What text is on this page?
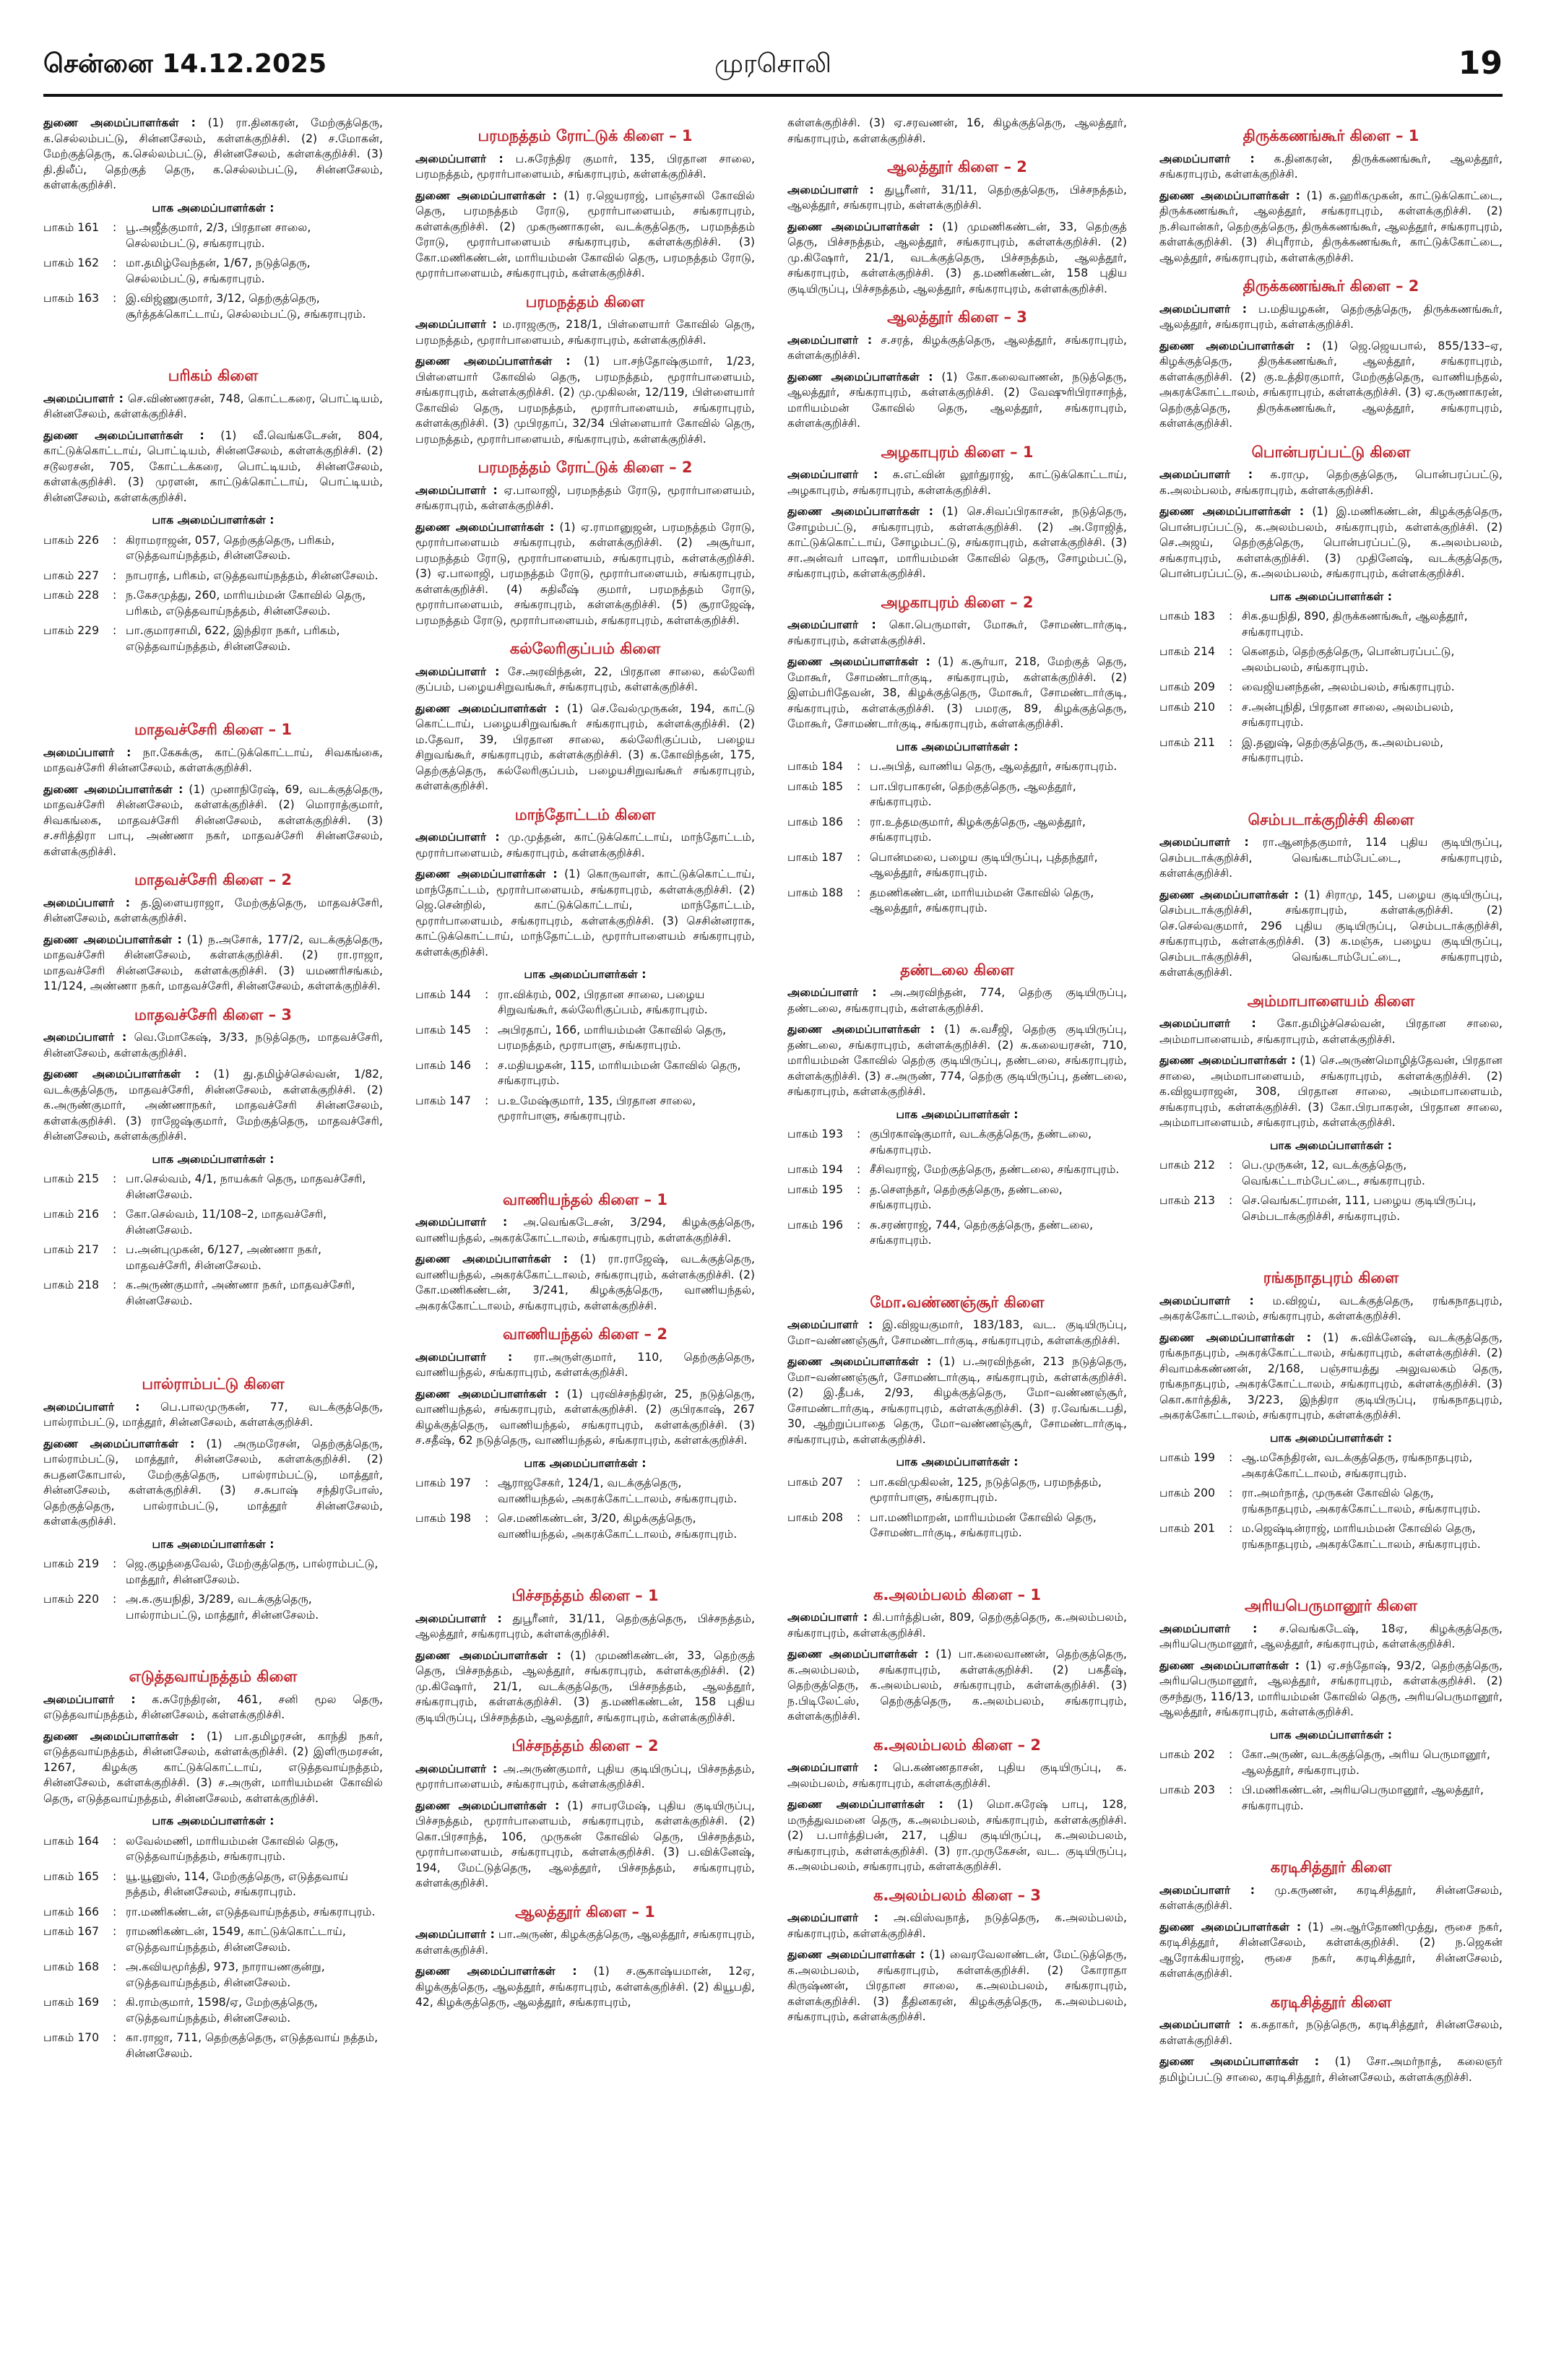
சென்னை 14.12.2025	முரசொலி	19

துணை அமைப்பாளர்கள் : (1) ரா.தினகரன், மேற்குத்தெரு, க.செல்லம்பட்டு, சின்னசேலம், கள்ளக்குறிச்சி. (2) ச.மோகன், மேற்குத்தெரு, க.செல்லம்பட்டு, சின்னசேலம், கள்ளக்குறிச்சி. (3) தி.திலீப், தெற்குத் தெரு, க.செல்லம்பட்டு, சின்னசேலம், கள்ளக்குறிச்சி.

பாக அமைப்பாளர்கள் :
பாகம் 161	: பூ.அஜீத்குமார், 2/3, பிரதான சாலை, செல்லம்பட்டு, சங்கராபுரம்.
பாகம் 162	: மா.தமிழ்வேந்தன், 1/67, நடுத்தெரு, செல்லம்பட்டு, சங்கராபுரம்.
பாகம் 163	: இ.விஜ்ணுகுமார், 3/12, தெற்குத்தெரு, சூர்த்தக்கொட்டாய், செல்லம்பட்டு, சங்கராபுரம்.
பரிகம் கிளை

அமைப்பாளர் : செ.விண்ணரசன், 748, கொட்டகரை, பொட்டியம், சின்னசேலம், கள்ளக்குறிச்சி.

துணை அமைப்பாளர்கள் : (1) வீ.வெங்கடேசன், 804, காட்டுக்கொட்டாய், பொட்டியம், சின்னசேலம், கள்ளக்குறிச்சி. (2) சடூலரசன், 705, கோட்டக்கரை, பொட்டியம், சின்னசேலம், கள்ளக்குறிச்சி. (3) முரளன், காட்டுக்கொட்டாய், பொட்டியம், சின்னசேலம், கள்ளக்குறிச்சி.

பாக அமைப்பாளர்கள் :
பாகம் 226	: கிராமராஜன், 057, தெற்குத்தெரு, பரிகம், எடுத்தவாய்நத்தம், சின்னசேலம்.
பாகம் 227	: நாபராத், பரிகம், எடுத்தவாய்நத்தம், சின்னசேலம்.
பாகம் 228	: ந.கேசமுத்து, 260, மாரியம்மன் கோவில் தெரு, பரிகம், எடுத்தவாய்நத்தம், சின்னசேலம்.
பாகம் 229	: பா.குமாரசாமி, 622, இந்திரா நகர், பரிகம், எடுத்தவாய்நத்தம், சின்னசேலம்.
மாதவச்சேரி கிளை – 1

அமைப்பாளர் : நா.கேசுக்கு, காட்டுக்கொட்டாய், சிவகங்கை, மாதவச்சேரி சின்னசேலம், கள்ளக்குறிச்சி.

துணை அமைப்பாளர்கள் : (1) முனாநிரேஷ், 69, வடக்குத்தெரு, மாதவச்சேரி சின்னசேலம், கள்ளக்குறிச்சி. (2) மொராத்குமார், சிவகங்கை, மாதவச்சேரி சின்னசேலம், கள்ளக்குறிச்சி. (3) ச.சரித்திரா பாபு, அண்ணா நகர், மாதவச்சேரி சின்னசேலம், கள்ளக்குறிச்சி.

மாதவச்சேரி கிளை – 2

அமைப்பாளர் : த.இளையராஜா, மேற்குத்தெரு, மாதவச்சேரி, சின்னசேலம், கள்ளக்குறிச்சி.

துணை அமைப்பாளர்கள் : (1) ந.அசோக், 177/2, வடக்குத்தெரு, மாதவச்சேரி சின்னசேலம், கள்ளக்குறிச்சி. (2) ரா.ராஜா, மாதவச்சேரி சின்னசேலம், கள்ளக்குறிச்சி. (3) யமணரிசங்கம், 11/124, அண்ணா நகர், மாதவச்சேரி, சின்னசேலம், கள்ளக்குறிச்சி.

மாதவச்சேரி கிளை – 3

அமைப்பாளர் : வெ.மோகேஷ், 3/33, நடுத்தெரு, மாதவச்சேரி, சின்னசேலம், கள்ளக்குறிச்சி.

துணை அமைப்பாளர்கள் : (1) து.தமிழ்ச்செல்வன், 1/82, வடக்குத்தெரு, மாதவச்சேரி, சின்னசேலம், கள்ளக்குறிச்சி. (2) க.அருண்குமார், அண்ணாநகர், மாதவச்சேரி சின்னசேலம், கள்ளக்குறிச்சி. (3) ராஜேஷ்குமார், மேற்குத்தெரு, மாதவச்சேரி, சின்னசேலம், கள்ளக்குறிச்சி.

பாக அமைப்பாளர்கள் :
பாகம் 215	: பா.செல்வம், 4/1, நாயக்கர் தெரு, மாதவச்சேரி, சின்னசேலம்.
பாகம் 216	: கோ.செல்வம், 11/108–2, மாதவச்சேரி, சின்னசேலம்.
பாகம் 217	: ப.அன்புமுகன், 6/127, அண்ணா நகர், மாதவச்சேரி, சின்னசேலம்.
பாகம் 218	: க.அருண்குமார், அண்ணா நகர், மாதவச்சேரி, சின்னசேலம்.
பால்ராம்பட்டு கிளை

அமைப்பாளர் : பெ.பாலமுருகன், 77, வடக்குத்தெரு, பால்ராம்பட்டு, மாத்தூர், சின்னசேலம், கள்ளக்குறிச்சி.

துணை அமைப்பாளர்கள் : (1) அருமரேசன், தெற்குத்தெரு, பால்ராம்பட்டு, மாத்தூர், சின்னசேலம், கள்ளக்குறிச்சி. (2) சுபதனகோபால், மேற்குத்தெரு, பால்ராம்பட்டு, மாத்தூர், சின்னசேலம், கள்ளக்குறிச்சி. (3) ச.சுபாஷ் சந்திரபோஸ், தெற்குத்தெரு, பால்ராம்பட்டு, மாத்தூர் சின்னசேலம், கள்ளக்குறிச்சி.

பாக அமைப்பாளர்கள் :
பாகம் 219	: ஜெ.குழந்தைவேல், மேற்குத்தெரு, பால்ராம்பட்டு, மாத்தூர், சின்னசேலம்.
பாகம் 220	: அ.க.குயநிதி, 3/289, வடக்குத்தெரு, பால்ராம்பட்டு, மாத்தூர், சின்னசேலம்.
எடுத்தவாய்நத்தம் கிளை

அமைப்பாளர் : க.சுரேந்திரன், 461, சனி மூல தெரு, எடுத்தவாய்நத்தம், சின்னசேலம், கள்ளக்குறிச்சி.

துணை அமைப்பாளர்கள் : (1) பா.தமிழரசன், காந்தி நகர், எடுத்தவாய்நத்தம், சின்னசேலம், கள்ளக்குறிச்சி. (2) இளிருமரசன், 1267, கிழக்கு காட்டுக்கொட்டாய், எடுத்தவாய்நத்தம், சின்னசேலம், கள்ளக்குறிச்சி. (3) ச.அருள், மாரியம்மன் கோவில் தெரு, எடுத்தவாய்நத்தம், சின்னசேலம், கள்ளக்குறிச்சி.

பாக அமைப்பாளர்கள் :
பாகம் 164	: லவேல்மணி, மாரியம்மன் கோவில் தெரு, எடுத்தவாய்நத்தம், சங்கராபுரம்.
பாகம் 165	: யூ.யூனுஸ், 114, மேற்குத்தெரு, எடுத்தவாய் நத்தம், சின்னசேலம், சங்கராபுரம்.
பாகம் 166	: ரா.மணிகண்டன், எடுத்தவாய்நத்தம், சங்கராபுரம்.
பாகம் 167	: ராமணிகண்டன், 1549, காட்டுக்கொட்டாய், எடுத்தவாய்நத்தம், சின்னசேலம்.
பாகம் 168	: அ.கவியமூர்த்தி, 973, நாராயணகுன்று, எடுத்தவாய்நத்தம், சின்னசேலம்.
பாகம் 169	: கி.ராம்குமார், 1598/ஏ, மேற்குத்தெரு, எடுத்தவாய்நத்தம், சின்னசேலம்.
பாகம் 170	: கா.ராஜா, 711, தெற்குத்தெரு, எடுத்தவாய் நத்தம், சின்னசேலம்.
பரமநத்தம் ரோட்டுக் கிளை – 1

அமைப்பாளர் : ப.சுரேந்திர குமார், 135, பிரதான சாலை, பரமநத்தம், மூரார்பாளையம், சங்கராபுரம், கள்ளக்குறிச்சி.

துணை அமைப்பாளர்கள் : (1) ர.ஜெயராஜ், பாஞ்சாலி கோவில் தெரு, பரமநத்தம் ரோடு, மூரார்பாளையம், சங்கராபுரம், கள்ளக்குறிச்சி. (2) முகருணாகரன், வடக்குத்தெரு, பரமநத்தம் ரோடு, மூரார்பாளையம் சங்கராபுரம், கள்ளக்குறிச்சி. (3) கோ.மணிகண்டன், மாரியம்மன் கோவில் தெரு, பரமநத்தம் ரோடு, மூரார்பாளையம், சங்கராபுரம், கள்ளக்குறிச்சி.

பரமநத்தம் கிளை

அமைப்பாளர் : ம.ராஜகுரு, 218/1, பிள்ளையார் கோவில் தெரு, பரமநத்தம், மூரார்பாளையம், சங்கராபுரம், கள்ளக்குறிச்சி.

துணை அமைப்பாளர்கள் : (1) பா.சந்தோஷ்குமார், 1/23, பிள்ளையார் கோவில் தெரு, பரமநத்தம், மூரார்பாளையம், சங்கராபுரம், கள்ளக்குறிச்சி. (2) மு.முகிலன், 12/119, பிள்ளையார் கோவில் தெரு, பரமநத்தம், மூரார்பாளையம், சங்கராபுரம், கள்ளக்குறிச்சி. (3) முபிரதாப், 32/34 பிள்ளையார் கோவில் தெரு, பரமநத்தம், மூரார்பாளையம், சங்கராபுரம், கள்ளக்குறிச்சி.

பரமநத்தம் ரோட்டுக் கிளை – 2

அமைப்பாளர் : ஏ.பாலாஜி, பரமநத்தம் ரோடு, மூரார்பாளையம், சங்கராபுரம், கள்ளக்குறிச்சி.

துணை அமைப்பாளர்கள் : (1) ஏ.ராமானுஜன், பரமநத்தம் ரோடு, மூரார்பாளையம் சங்கராபுரம், கள்ளக்குறிச்சி. (2) அசூர்யா, பரமநத்தம் ரோடு, மூரார்பாளையம், சங்கராபுரம், கள்ளக்குறிச்சி. (3) ஏ.பாலாஜி, பரமநத்தம் ரோடு, மூரார்பாளையம், சங்கராபுரம், கள்ளக்குறிச்சி. (4) சுதிலீஷ் குமார், பரமநத்தம் ரோடு, மூரார்பாளையம், சங்கராபுரம், கள்ளக்குறிச்சி. (5) சூராஜேஷ், பரமநத்தம் ரோடு, மூரார்பாளையம், சங்கராபுரம், கள்ளக்குறிச்சி.

கல்லேரிகுப்பம் கிளை

அமைப்பாளர் : சே.அரவிந்தன், 22, பிரதான சாலை, கல்லேரி குப்பம், பழையசிறுவங்கூர், சங்கராபுரம், கள்ளக்குறிச்சி.

துணை அமைப்பாளர்கள் : (1) செ.வேல்முருகன், 194, காட்டு கொட்டாய், பழையசிறுவங்கூர் சங்கராபுரம், கள்ளக்குறிச்சி. (2) ம.தேவா, 39, பிரதான சாலை, கல்லேரிகுப்பம், பழைய சிறுவங்கூர், சங்கராபுரம், கள்ளக்குறிச்சி. (3) க.கோவிந்தன், 175, தெற்குத்தெரு, கல்லேரிகுப்பம், பழையசிறுவங்கூர் சங்கராபுரம், கள்ளக்குறிச்சி.

மாந்தோட்டம் கிளை

அமைப்பாளர் : மு.முத்தன், காட்டுக்கொட்டாய், மாந்தோட்டம், மூரார்பாளையம், சங்கராபுரம், கள்ளக்குறிச்சி.

துணை அமைப்பாளர்கள் : (1) கொருவாள், காட்டுக்கொட்டாய், மாந்தோட்டம், மூரார்பாளையம், சங்கராபுரம், கள்ளக்குறிச்சி. (2) ஜெ.சென்றில், காட்டுக்கொட்டாய், மாந்தோட்டம், மூரார்பாளையம், சங்கராபுரம், கள்ளக்குறிச்சி. (3) செசின்னராசு, காட்டுக்கொட்டாய், மாந்தோட்டம், மூரார்பாளையம் சங்கராபுரம், கள்ளக்குறிச்சி.

பாக அமைப்பாளர்கள் :
பாகம் 144	: ரா.விக்ரம், 002, பிரதான சாலை, பழைய சிறுவங்கூர், கல்லேரிகுப்பம், சங்கராபுரம்.
பாகம் 145	: அபிரதாப், 166, மாரியம்மன் கோவில் தெரு, பரமநத்தம், மூராபாளு, சங்கராபுரம்.
பாகம் 146	: ச.மதியழகன், 115, மாரியம்மன் கோவில் தெரு, சங்கராபுரம்.
பாகம் 147	: ப.உமேஷ்குமார், 135, பிரதான சாலை, மூரார்பாளு, சங்கராபுரம்.
வாணியந்தல் கிளை – 1

அமைப்பாளர் : அ.வெங்கடேசன், 3/294, கிழக்குத்தெரு, வாணியந்தல், அகரக்கோட்டாலம், சங்கராபுரம், கள்ளக்குறிச்சி.

துணை அமைப்பாளர்கள் : (1) ரா.ராஜேஷ், வடக்குத்தெரு, வாணியந்தல், அகரக்கோட்டாலம், சங்கராபுரம், கள்ளக்குறிச்சி. (2) கோ.மணிகண்டன், 3/241, கிழக்குத்தெரு, வாணியந்தல், அகரக்கோட்டாலம், சங்கராபுரம், கள்ளக்குறிச்சி.

வாணியந்தல் கிளை – 2

அமைப்பாளர் : ரா.அருள்குமார், 110, தெற்குத்தெரு, வாணியந்தல், சங்கராபுரம், கள்ளக்குறிச்சி.

துணை அமைப்பாளர்கள் : (1) புரவிச்சந்திரன், 25, நடுத்தெரு, வாணியந்தல், சங்கராபுரம், கள்ளக்குறிச்சி. (2) குபிரகாஷ், 267 கிழக்குத்தெரு, வாணியந்தல், சங்கராபுரம், கள்ளக்குறிச்சி. (3) ச.சதீஷ், 62 நடுத்தெரு, வாணியந்தல், சங்கராபுரம், கள்ளக்குறிச்சி.

பாக அமைப்பாளர்கள் :
பாகம் 197	: ஆராஜசேகர், 124/1, வடக்குத்தெரு, வாணியந்தல், அகரக்கோட்டாலம், சங்கராபுரம்.
பாகம் 198	: செ.மணிகண்டன், 3/20, கிழக்குத்தெரு, வாணியந்தல், அகரக்கோட்டாலம், சங்கராபுரம்.
பிச்சநத்தம் கிளை – 1

அமைப்பாளர் : துபூரீனர், 31/11, தெற்குத்தெரு, பிச்சநத்தம், ஆலத்தூர், சங்கராபுரம், கள்ளக்குறிச்சி.

துணை அமைப்பாளர்கள் : (1) முமணிகண்டன், 33, தெற்குத் தெரு, பிச்சநத்தம், ஆலத்தூர், சங்கராபுரம், கள்ளக்குறிச்சி. (2) மு.கிஷோர், 21/1, வடக்குத்தெரு, பிச்சநத்தம், ஆலத்தூர், சங்கராபுரம், கள்ளக்குறிச்சி. (3) த.மணிகண்டன், 158 புதிய குடியிருப்பு, பிச்சநத்தம், ஆலத்தூர், சங்கராபுரம், கள்ளக்குறிச்சி.

பிச்சநத்தம் கிளை – 2

அமைப்பாளர் : அ.அருண்குமார், புதிய குடியிருப்பு, பிச்சநத்தம், மூரார்பாளையம், சங்கராபுரம், கள்ளக்குறிச்சி.

துணை அமைப்பாளர்கள் : (1) சாபரமேஷ், புதிய குடியிருப்பு, பிச்சநத்தம், மூரார்பாளையம், சங்கராபுரம், கள்ளக்குறிச்சி. (2) கொ.பிரசாந்த், 106, முருகன் கோவில் தெரு, பிச்சநத்தம், மூரார்பாளையம், சங்கராபுரம், கள்ளக்குறிச்சி. (3) ப.விக்னேஷ், 194, மேட்டுத்தெரு, ஆலத்தூர், பிச்சநத்தம், சங்கராபுரம், கள்ளக்குறிச்சி.

ஆலத்தூர் கிளை – 1

அமைப்பாளர் : பா.அருண், கிழக்குத்தெரு, ஆலத்தூர், சங்கராபுரம், கள்ளக்குறிச்சி.

துணை அமைப்பாளர்கள் : (1) ச.சூகாஷ்யமான், 12ஏ, கிழக்குத்தெரு, ஆலத்தூர், சங்கராபுரம், கள்ளக்குறிச்சி. (2) கியூபதி, 42, கிழக்குத்தெரு, ஆலத்தூர், சங்கராபுரம்,

கள்ளக்குறிச்சி. (3) ஏ.சரவணன், 16, கிழக்குத்தெரு, ஆலத்தூர், சங்கராபுரம், கள்ளக்குறிச்சி.

ஆலத்தூர் கிளை – 2

அமைப்பாளர் : துபூரீனர், 31/11, தெற்குத்தெரு, பிச்சநத்தம், ஆலத்தூர், சங்கராபுரம், கள்ளக்குறிச்சி.

துணை அமைப்பாளர்கள் : (1) முமணிகண்டன், 33, தெற்குத் தெரு, பிச்சநத்தம், ஆலத்தூர், சங்கராபுரம், கள்ளக்குறிச்சி. (2) மு.கிஷோர், 21/1, வடக்குத்தெரு, பிச்சநத்தம், ஆலத்தூர், சங்கராபுரம், கள்ளக்குறிச்சி. (3) த.மணிகண்டன், 158 புதிய குடியிருப்பு, பிச்சநத்தம், ஆலத்தூர், சங்கராபுரம், கள்ளக்குறிச்சி.

ஆலத்தூர் கிளை – 3

அமைப்பாளர் : ச.சரத், கிழக்குத்தெரு, ஆலத்தூர், சங்கராபுரம், கள்ளக்குறிச்சி.

துணை அமைப்பாளர்கள் : (1) கோ.கலைவாணன், நடுத்தெரு, ஆலத்தூர், சங்கராபுரம், கள்ளக்குறிச்சி. (2) வேஷுரிபிராசாந்த், மாரியம்மன் கோவில் தெரு, ஆலத்தூர், சங்கராபுரம், கள்ளக்குறிச்சி.

அழகாபுரம் கிளை – 1

அமைப்பாளர் : சு.எட்வின் லூர்துராஜ், காட்டுக்கொட்டாய், அழகாபுரம், சங்கராபுரம், கள்ளக்குறிச்சி.

துணை அமைப்பாளர்கள் : (1) செ.சிவப்பிரகாசன், நடுத்தெரு, சோழம்பட்டு, சங்கராபுரம், கள்ளக்குறிச்சி. (2) அ.ரோஜித், காட்டுக்கொட்டாய், சோழம்பட்டு, சங்கராபுரம், கள்ளக்குறிச்சி. (3) சா.அன்வர் பாஷா, மாரியம்மன் கோவில் தெரு, சோழம்பட்டு, சங்கராபுரம், கள்ளக்குறிச்சி.

அழகாபுரம் கிளை – 2

அமைப்பாளர் : கொ.பெருமாள், மோகூர், சோமண்டார்குடி, சங்கராபுரம், கள்ளக்குறிச்சி.

துணை அமைப்பாளர்கள் : (1) க.சூர்யா, 218, மேற்குத் தெரு, மோகூர், சோமண்டார்குடி, சங்கராபுரம், கள்ளக்குறிச்சி. (2) இளம்பரிதேவன், 38, கிழக்குத்தெரு, மோகூர், சோமண்டார்குடி, சங்கராபுரம், கள்ளக்குறிச்சி. (3) பமரகு, 89, கிழக்குத்தெரு, மோகூர், சோமண்டார்குடி, சங்கராபுரம், கள்ளக்குறிச்சி.

பாக அமைப்பாளர்கள் :
பாகம் 184	: ப.அபித், வாணிய தெரு, ஆலத்தூர், சங்கராபுரம்.
பாகம் 185	: பா.பிரபாகரன், தெற்குத்தெரு, ஆலத்தூர், சங்கராபுரம்.
பாகம் 186	: ரா.உத்தமகுமார், கிழக்குத்தெரு, ஆலத்தூர், சங்கராபுரம்.
பாகம் 187	: பொன்மலை, பழைய குடியிருப்பு, புத்தந்தூர், ஆலத்தூர், சங்கராபுரம்.
பாகம் 188	: தமணிகண்டன், மாரியம்மன் கோவில் தெரு, ஆலத்தூர், சங்கராபுரம்.
தண்டலை கிளை

அமைப்பாளர் : அ.அரவிந்தன், 774, தெற்கு குடியிருப்பு, தண்டலை, சங்கராபுரம், கள்ளக்குறிச்சி.

துணை அமைப்பாளர்கள் : (1) சு.வசீஜி, தெற்கு குடியிருப்பு, தண்டலை, சங்கராபுரம், கள்ளக்குறிச்சி. (2) சு.கலையரசன், 710, மாரியம்மன் கோவில் தெற்கு குடியிருப்பு, தண்டலை, சங்கராபுரம், கள்ளக்குறிச்சி. (3) ச.அருண், 774, தெற்கு குடியிருப்பு, தண்டலை, சங்கராபுரம், கள்ளக்குறிச்சி.

பாக அமைப்பாளர்கள் :
பாகம் 193	: குபிரகாஷ்குமார், வடக்குத்தெரு, தண்டலை, சங்கராபுரம்.
பாகம் 194	: சீசிவராஜ், மேற்குத்தெரு, தண்டலை, சங்கராபுரம்.
பாகம் 195	: த.செளந்தர், தெற்குத்தெரு, தண்டலை, சங்கராபுரம்.
பாகம் 196	: சு.சரண்ராஜ், 744, தெற்குத்தெரு, தண்டலை, சங்கராபுரம்.
மோ.வண்ணஞ்சூர் கிளை

அமைப்பாளர் : இ.விஜயகுமார், 183/183, வட. குடியிருப்பு, மோ–வண்ணஞ்சூர், சோமண்டார்குடி, சங்கராபுரம், கள்ளக்குறிச்சி.

துணை அமைப்பாளர்கள் : (1) ப.அரவிந்தன், 213 நடுத்தெரு, மோ–வண்ணஞ்சூர், சோமண்டார்குடி, சங்கராபுரம், கள்ளக்குறிச்சி. (2) இ.தீபக், 2/93, கிழக்குத்தெரு, மோ–வண்ணஞ்சூர், சோமண்டார்குடி, சங்கராபுரம், கள்ளக்குறிச்சி. (3) ர.வேங்கடபதி, 30, ஆற்றுப்பாதை தெரு, மோ–வண்ணஞ்சூர், சோமண்டார்குடி, சங்கராபுரம், கள்ளக்குறிச்சி.

பாக அமைப்பாளர்கள் :
பாகம் 207	: பா.கவிமுகிலன், 125, நடுத்தெரு, பரமநத்தம், மூரார்பாளு, சங்கராபுரம்.
பாகம் 208	: பா.மணிமாறன், மாரியம்மன் கோவில் தெரு, சோமண்டார்குடி, சங்கராபுரம்.
க.அலம்பலம் கிளை – 1

அமைப்பாளர் : கி.பார்த்திபன், 809, தெற்குத்தெரு, க.அலம்பலம், சங்கராபுரம், கள்ளக்குறிச்சி.

துணை அமைப்பாளர்கள் : (1) பா.கலைவாணன், தெற்குத்தெரு, க.அலம்பலம், சங்கராபுரம், கள்ளக்குறிச்சி. (2) பகதீஷ், தெற்குத்தெரு, க.அலம்பலம், சங்கராபுரம், கள்ளக்குறிச்சி. (3) ந.பிடிலேட்ஸ், தெற்குத்தெரு, க.அலம்பலம், சங்கராபுரம், கள்ளக்குறிச்சி.

க.அலம்பலம் கிளை – 2

அமைப்பாளர் : பெ.கண்ணதாசன், புதிய குடியிருப்பு, க. அலம்பலம், சங்கராபுரம், கள்ளக்குறிச்சி.

துணை அமைப்பாளர்கள் : (1) மொ.சுரேஷ் பாபு, 128, மருத்துவமனை தெரு, க.அலம்பலம், சங்கராபுரம், கள்ளக்குறிச்சி. (2) ப.பார்த்திபன், 217, புதிய குடியிருப்பு, க.அலம்பலம், சங்கராபுரம், கள்ளக்குறிச்சி. (3) ரா.முருகேசன், வட. குடியிருப்பு, க.அலம்பலம், சங்கராபுரம், கள்ளக்குறிச்சி.

க.அலம்பலம் கிளை – 3

அமைப்பாளர் : அ.விஸ்வநாத், நடுத்தெரு, க.அலம்பலம், சங்கராபுரம், கள்ளக்குறிச்சி.

துணை அமைப்பாளர்கள் : (1) வைரவேலாண்டன், மேட்டுத்தெரு, க.அலம்பலம், சங்கராபுரம், கள்ளக்குறிச்சி. (2) கோராதா கிருஷ்ணன், பிரதான சாலை, க.அலம்பலம், சங்கராபுரம், கள்ளக்குறிச்சி. (3) தீதினகரன், கிழக்குத்தெரு, க.அலம்பலம், சங்கராபுரம், கள்ளக்குறிச்சி.

திருக்கணங்கூர் கிளை – 1

அமைப்பாளர் : க.தினகரன், திருக்கணங்கூர், ஆலத்தூர், சங்கராபுரம், கள்ளக்குறிச்சி.

துணை அமைப்பாளர்கள் : (1) க.ஹரிகமுகன், காட்டுக்கொட்டை, திருக்கணங்கூர், ஆலத்தூர், சங்கராபுரம், கள்ளக்குறிச்சி. (2) ந.சிவான்கர், தெற்குத்தெரு, திருக்கணங்கூர், ஆலத்தூர், சங்கராபுரம், கள்ளக்குறிச்சி. (3) சிபுரீராம், திருக்கணங்கூர், காட்டுக்கோட்டை, ஆலத்தூர், சங்கராபுரம், கள்ளக்குறிச்சி.

திருக்கணங்கூர் கிளை – 2

அமைப்பாளர் : ப.மதியழகன், தெற்குத்தெரு, திருக்கணங்கூர், ஆலத்தூர், சங்கராபுரம், கள்ளக்குறிச்சி.

துணை அமைப்பாளர்கள் : (1) ஜெ.ஜெயபால், 855/133–ஏ, கிழக்குத்தெரு, திருக்கணங்கூர், ஆலத்தூர், சங்கராபுரம், கள்ளக்குறிச்சி. (2) கு.உத்திரகுமார், மேற்குத்தெரு, வாணியந்தல், அகரக்கோட்டாலம், சங்கராபுரம், கள்ளக்குறிச்சி. (3) ஏ.கருணாகரன், தெற்குத்தெரு, திருக்கணங்கூர், ஆலத்தூர், சங்கராபுரம், கள்ளக்குறிச்சி.

பொன்பரப்பட்டு கிளை

அமைப்பாளர் : க.ராமு, தெற்குத்தெரு, பொன்பரப்பட்டு, க.அலம்பலம், சங்கராபுரம், கள்ளக்குறிச்சி.

துணை அமைப்பாளர்கள் : (1) இ.மணிகண்டன், கிழக்குத்தெரு, பொன்பரப்பட்டு, க.அலம்பலம், சங்கராபுரம், கள்ளக்குறிச்சி. (2) செ.அஜய், தெற்குத்தெரு, பொன்பரப்பட்டு, க.அலம்பலம், சங்கராபுரம், கள்ளக்குறிச்சி. (3) முதினேஷ், வடக்குத்தெரு, பொன்பரப்பட்டு, க.அலம்பலம், சங்கராபுரம், கள்ளக்குறிச்சி.

பாக அமைப்பாளர்கள் :
பாகம் 183	: சிக.தயநிதி, 890, திருக்கணங்கூர், ஆலத்தூர், சங்கராபுரம்.
பாகம் 214	: கெனதம், தெற்குத்தெரு, பொன்பரப்பட்டு, அலம்பலம், சங்கராபுரம்.
பாகம் 209	: வைஜியனந்தன், அலம்பலம், சங்கராபுரம்.
பாகம் 210	: ச.அன்புநிதி, பிரதான சாலை, அலம்பலம், சங்கராபுரம்.
பாகம் 211	: இ.தனுஷ், தெற்குத்தெரு, க.அலம்பலம், சங்கராபுரம்.
செம்படாக்குறிச்சி கிளை

அமைப்பாளர் : ரா.ஆனந்தகுமார், 114 புதிய குடியிருப்பு, செம்படாக்குறிச்சி, வெங்கடாம்பேட்டை, சங்கராபுரம், கள்ளக்குறிச்சி.

துணை அமைப்பாளர்கள் : (1) சிராமு, 145, பழைய குடியிருப்பு, செம்படாக்குறிச்சி, சங்கராபுரம், கள்ளக்குறிச்சி. (2) செ.செல்வகுமார், 296 புதிய குடியிருப்பு, செம்படாக்குறிச்சி, சங்கராபுரம், கள்ளக்குறிச்சி. (3) க.மஞ்சு, பழைய குடியிருப்பு, செம்படாக்குறிச்சி, வெங்கடாம்பேட்டை, சங்கராபுரம், கள்ளக்குறிச்சி.

அம்மாபாளையம் கிளை

அமைப்பாளர் : கோ.தமிழ்ச்செல்வன், பிரதான சாலை, அம்மாபாளையம், சங்கராபுரம், கள்ளக்குறிச்சி.

துணை அமைப்பாளர்கள் : (1) செ.அருண்மொழித்தேவன், பிரதான சாலை, அம்மாபாளையம், சங்கராபுரம், கள்ளக்குறிச்சி. (2) க.விஜயராஜன், 308, பிரதான சாலை, அம்மாபாளையம், சங்கராபுரம், கள்ளக்குறிச்சி. (3) கோ.பிரபாகரன், பிரதான சாலை, அம்மாபாளையம், சங்கராபுரம், கள்ளக்குறிச்சி.

பாக அமைப்பாளர்கள் :
பாகம் 212	: பெ.முருகன், 12, வடக்குத்தெரு, வெங்கட்டாம்பேட்டை, சங்கராபுரம்.
பாகம் 213	: செ.வெங்கட்ராமன், 111, பழைய குடியிருப்பு, செம்படாக்குறிச்சி, சங்கராபுரம்.
ரங்கநாதபுரம் கிளை

அமைப்பாளர் : ம.விஜய், வடக்குத்தெரு, ரங்கநாதபுரம், அகரக்கோட்டாலம், சங்கராபுரம், கள்ளக்குறிச்சி.

துணை அமைப்பாளர்கள் : (1) சு.விக்னேஷ், வடக்குத்தெரு, ரங்கநாதபுரம், அகரக்கோட்டாலம், சங்கராபுரம், கள்ளக்குறிச்சி. (2) சிவாமக்கண்ணன், 2/168, பஞ்சாயத்து அலுவலகம் தெரு, ரங்கநாதபுரம், அகரக்கோட்டாலம், சங்கராபுரம், கள்ளக்குறிச்சி. (3) கொ.கார்த்திக், 3/223, இந்திரா குடியிருப்பு, ரங்கநாதபுரம், அகரக்கோட்டாலம், சங்கராபுரம், கள்ளக்குறிச்சி.

பாக அமைப்பாளர்கள் :
பாகம் 199	: ஆ.மகேந்திரன், வடக்குத்தெரு, ரங்கநாதபுரம், அகரக்கோட்டாலம், சங்கராபுரம்.
பாகம் 200	: ரா.அமர்நாத், முருகன் கோவில் தெரு, ரங்கநாதபுரம், அகரக்கோட்டாலம், சங்கராபுரம்.
பாகம் 201	: ம.ஜெஷ்டின்ராஜ், மாரியம்மன் கோவில் தெரு, ரங்கநாதபுரம், அகரக்கோட்டாலம், சங்கராபுரம்.
அரியபெருமானூர் கிளை

அமைப்பாளர் : ச.வெங்கடேஷ், 18ஏ, கிழக்குத்தெரு, அரியபெருமானூர், ஆலத்தூர், சங்கராபுரம், கள்ளக்குறிச்சி.

துணை அமைப்பாளர்கள் : (1) ஏ.சந்தோஷ், 93/2, தெற்குத்தெரு, அரியபெருமானூர், ஆலத்தூர், சங்கராபுரம், கள்ளக்குறிச்சி. (2) குசந்துரு, 116/13, மாரியம்மன் கோவில் தெரு, அரியபெருமானூர், ஆலத்தூர், சங்கராபுரம், கள்ளக்குறிச்சி.

பாக அமைப்பாளர்கள் :
பாகம் 202	: கோ.அருண், வடக்குத்தெரு, அரிய பெருமானூர், ஆலத்தூர், சங்கராபுரம்.
பாகம் 203	: பி.மணிகண்டன், அரியபெருமானூர், ஆலத்தூர், சங்கராபுரம்.
கரடிசித்தூர் கிளை

அமைப்பாளர் : மு.கருணன், கரடிசித்தூர், சின்னசேலம், கள்ளக்குறிச்சி.

துணை அமைப்பாளர்கள் : (1) அ.ஆர்தோணிமுத்து, ரூசை நகர், கரடிசித்தூர், சின்னசேலம், கள்ளக்குறிச்சி. (2) ந.ஜெகன் ஆரோக்கியராஜ், ரூசை நகர், கரடிசித்தூர், சின்னசேலம், கள்ளக்குறிச்சி.

கரடிசித்தூர் கிளை

அமைப்பாளர் : க.சுதாகர், நடுத்தெரு, கரடிசித்தூர், சின்னசேலம், கள்ளக்குறிச்சி.

துணை அமைப்பாளர்கள் : (1) சோ.அமர்நாத், கலைஞர் தமிழ்ப்பட்டு சாலை, கரடிசித்தூர், சின்னசேலம், கள்ளக்குறிச்சி.
